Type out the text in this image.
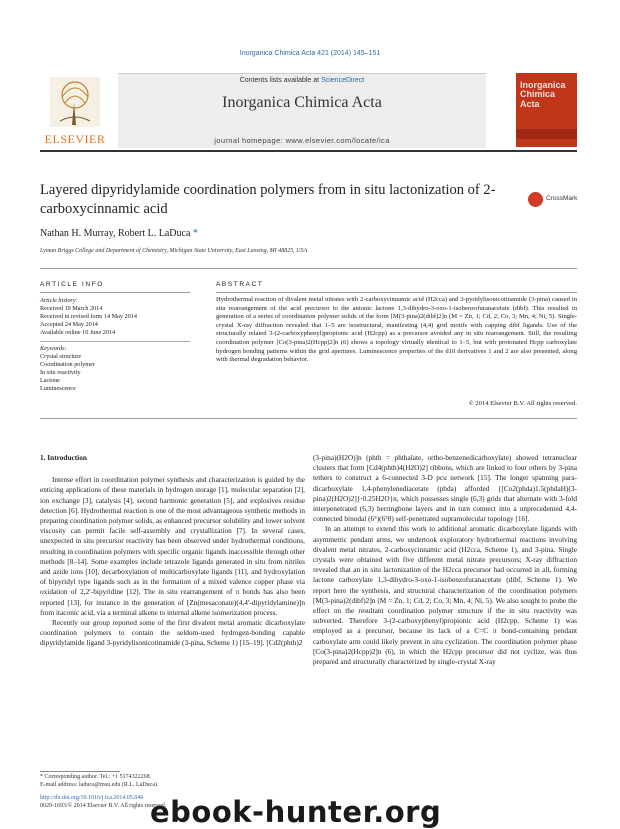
Inorganica Chimica Acta 421 (2014) 145–151
ELSEVIER
Contents lists available at ScienceDirect
Inorganica Chimica Acta
journal homepage: www.elsevier.com/locate/ica
Inorganica Chimica Acta
Layered dipyridylamide coordination polymers from in situ lactonization of 2-carboxycinnamic acid
CrossMark
Nathan H. Murray, Robert L. LaDuca *
Lyman Briggs College and Department of Chemistry, Michigan State University, East Lansing, MI 48825, USA
ARTICLE INFO	ABSTRACT
Article history:
Received 19 March 2014
Received in revised form 14 May 2014
Accepted 24 May 2014
Available online 10 June 2014
Keywords:
Crystal structure
Coordination polymer
In situ reactivity
Lactone
Luminescence
Hydrothermal reaction of divalent metal nitrates with 2-carboxycinnamic acid (H2cca) and 3-pyridylisonicotinamide (3-pina) caused in situ rearrangement of the acid precursor to the anionic lactone 1,3-dihydro-3-oxo-1-isobenzofuranacetate (dibf). This resulted in generation of a series of coordination polymer solids of the form [M(3-pina)2(dibf)2]n (M = Zn, 1; Cd, 2; Co, 3; Mn, 4; Ni, 5). Single-crystal X-ray diffraction revealed that 1–5 are isostructural, manifesting (4,4) grid motifs with capping dibf ligands. Use of the structurally related 3-(2-carboxyphenyl)propionic acid (H2cpp) as a precursor avoided any in situ rearrangement. Still, the resulting coordination polymer [Co(3-pina)2(Hcpp)2]n (6) shows a topology virtually identical to 1–5, but with protonated Hcpp carboxylate hydrogen bonding patterns within the grid apertures. Luminescence properties of the d10 derivatives 1 and 2 are also presented, along with thermal degradation behavior.
© 2014 Elsevier B.V. All rights reserved.
1. Introduction

Intense effort in coordination polymer synthesis and characterization is guided by the enticing applications of these materials in hydrogen storage [1], molecular separation [2], ion exchange [3], catalysis [4], second harmonic generation [5], and explosives residue detection [6]. Hydrothermal reaction is one of the most advantageous synthetic methods in preparing coordination polymer solids, as enhanced precursor solubility and lower solvent viscosity can permit facile self-assembly and crystallization [7]. In several cases, unexpected in situ precursor reactivity has been observed under hydrothermal conditions, resulting in coordination polymers with specific organic ligands inaccessible through other methods [8–14]. Some examples include tetrazole ligands generated in situ from nitriles and azide ions [10], decarboxylation of multicarboxylate ligands [11], and hydroxylation of bipyridyl type ligands such as in the formation of a mixed valence copper phase via oxidation of 2,2′-bipyridine [12]. The in situ rearrangement of π bonds has also been reported [13], for instance in the generation of [Zn(mesaconate)(4,4′-dipyridylamine)]n from itaconic acid, via a terminal alkene to internal alkene isomerization process.

Recently our group reported some of the first divalent metal aromatic dicarboxylate coordination polymers to contain the seldom-used hydrogen-bonding capable dipyridylamide ligand 3-pyridylisonicotinamide (3-pina, Scheme 1) [15–19]. [Cd2(phth)2

(3-pina)(H2O)]n (phth = phthalate, ortho-benzenedicarboxylate) showed tetranuclear clusters that form [Cd4(phth)4(H2O)2] ribbons, which are linked to four others by 3-pina tethers to construct a 6-connected 3-D pcu network [15]. The longer spanning para-dicarboxylate 1,4-phenylenediacetate (phda) afforded {[Co2(phda)1.5(phdaH)(3-pina)2(H2O)2]}·0.25H2O}n, which possesses single (6,3) grids that alternate with 3-fold interpenetrated (6,3) herringbone layers and in turn connect into a unprecedented 4,4-connected binodal (6⁵)(6⁵8) self-penetrated supramolecular topology [16].

In an attempt to extend this work to additional aromatic dicarboxylate ligands with asymmetric pendant arms, we undertook exploratory hydrothermal reactions involving divalent metal nitrates, 2-carboxycinnamic acid (H2cca, Scheme 1), and 3-pina. Single crystals were obtained with five different metal nitrate precursors; X-ray diffraction revealed that an in situ lactonization of the H2cca precursor had occurred in all, forming lactone carboxylate 1,3-dihydro-3-oxo-1-isobenzofuranacetate (dibf, Scheme 1). We report here the synthesis, and structural characterization of the coordination polymers [M(3-pina)2(dibf)2]n (M = Zn, 1; Cd, 2; Co, 3; Mn, 4; Ni, 5). We also sought to probe the effect on the resultant coordination polymer structure if the in situ reactivity was subverted. Therefore 3-(2-carboxyphenyl)propionic acid (H2cpp, Scheme 1) was employed as a precursor, because its lack of a C=C π bond-containing pendant carboxylate arm could likely prevent in situ cyclization. The coordination polymer phase [Co(3-pina)2(Hcpp)2]n (6), in which the H2cpp precursor did not cyclize, was thus prepared and structurally characterized by single-crystal X-ray

* Corresponding author. Tel.: +1 5174322268.
E-mail address: laduca@msu.edu (R.L. LaDuca).
http://dx.doi.org/10.1016/j.ica.2014.05.040
0020-1693/© 2014 Elsevier B.V. All rights reserved.
ebook-hunter.org
